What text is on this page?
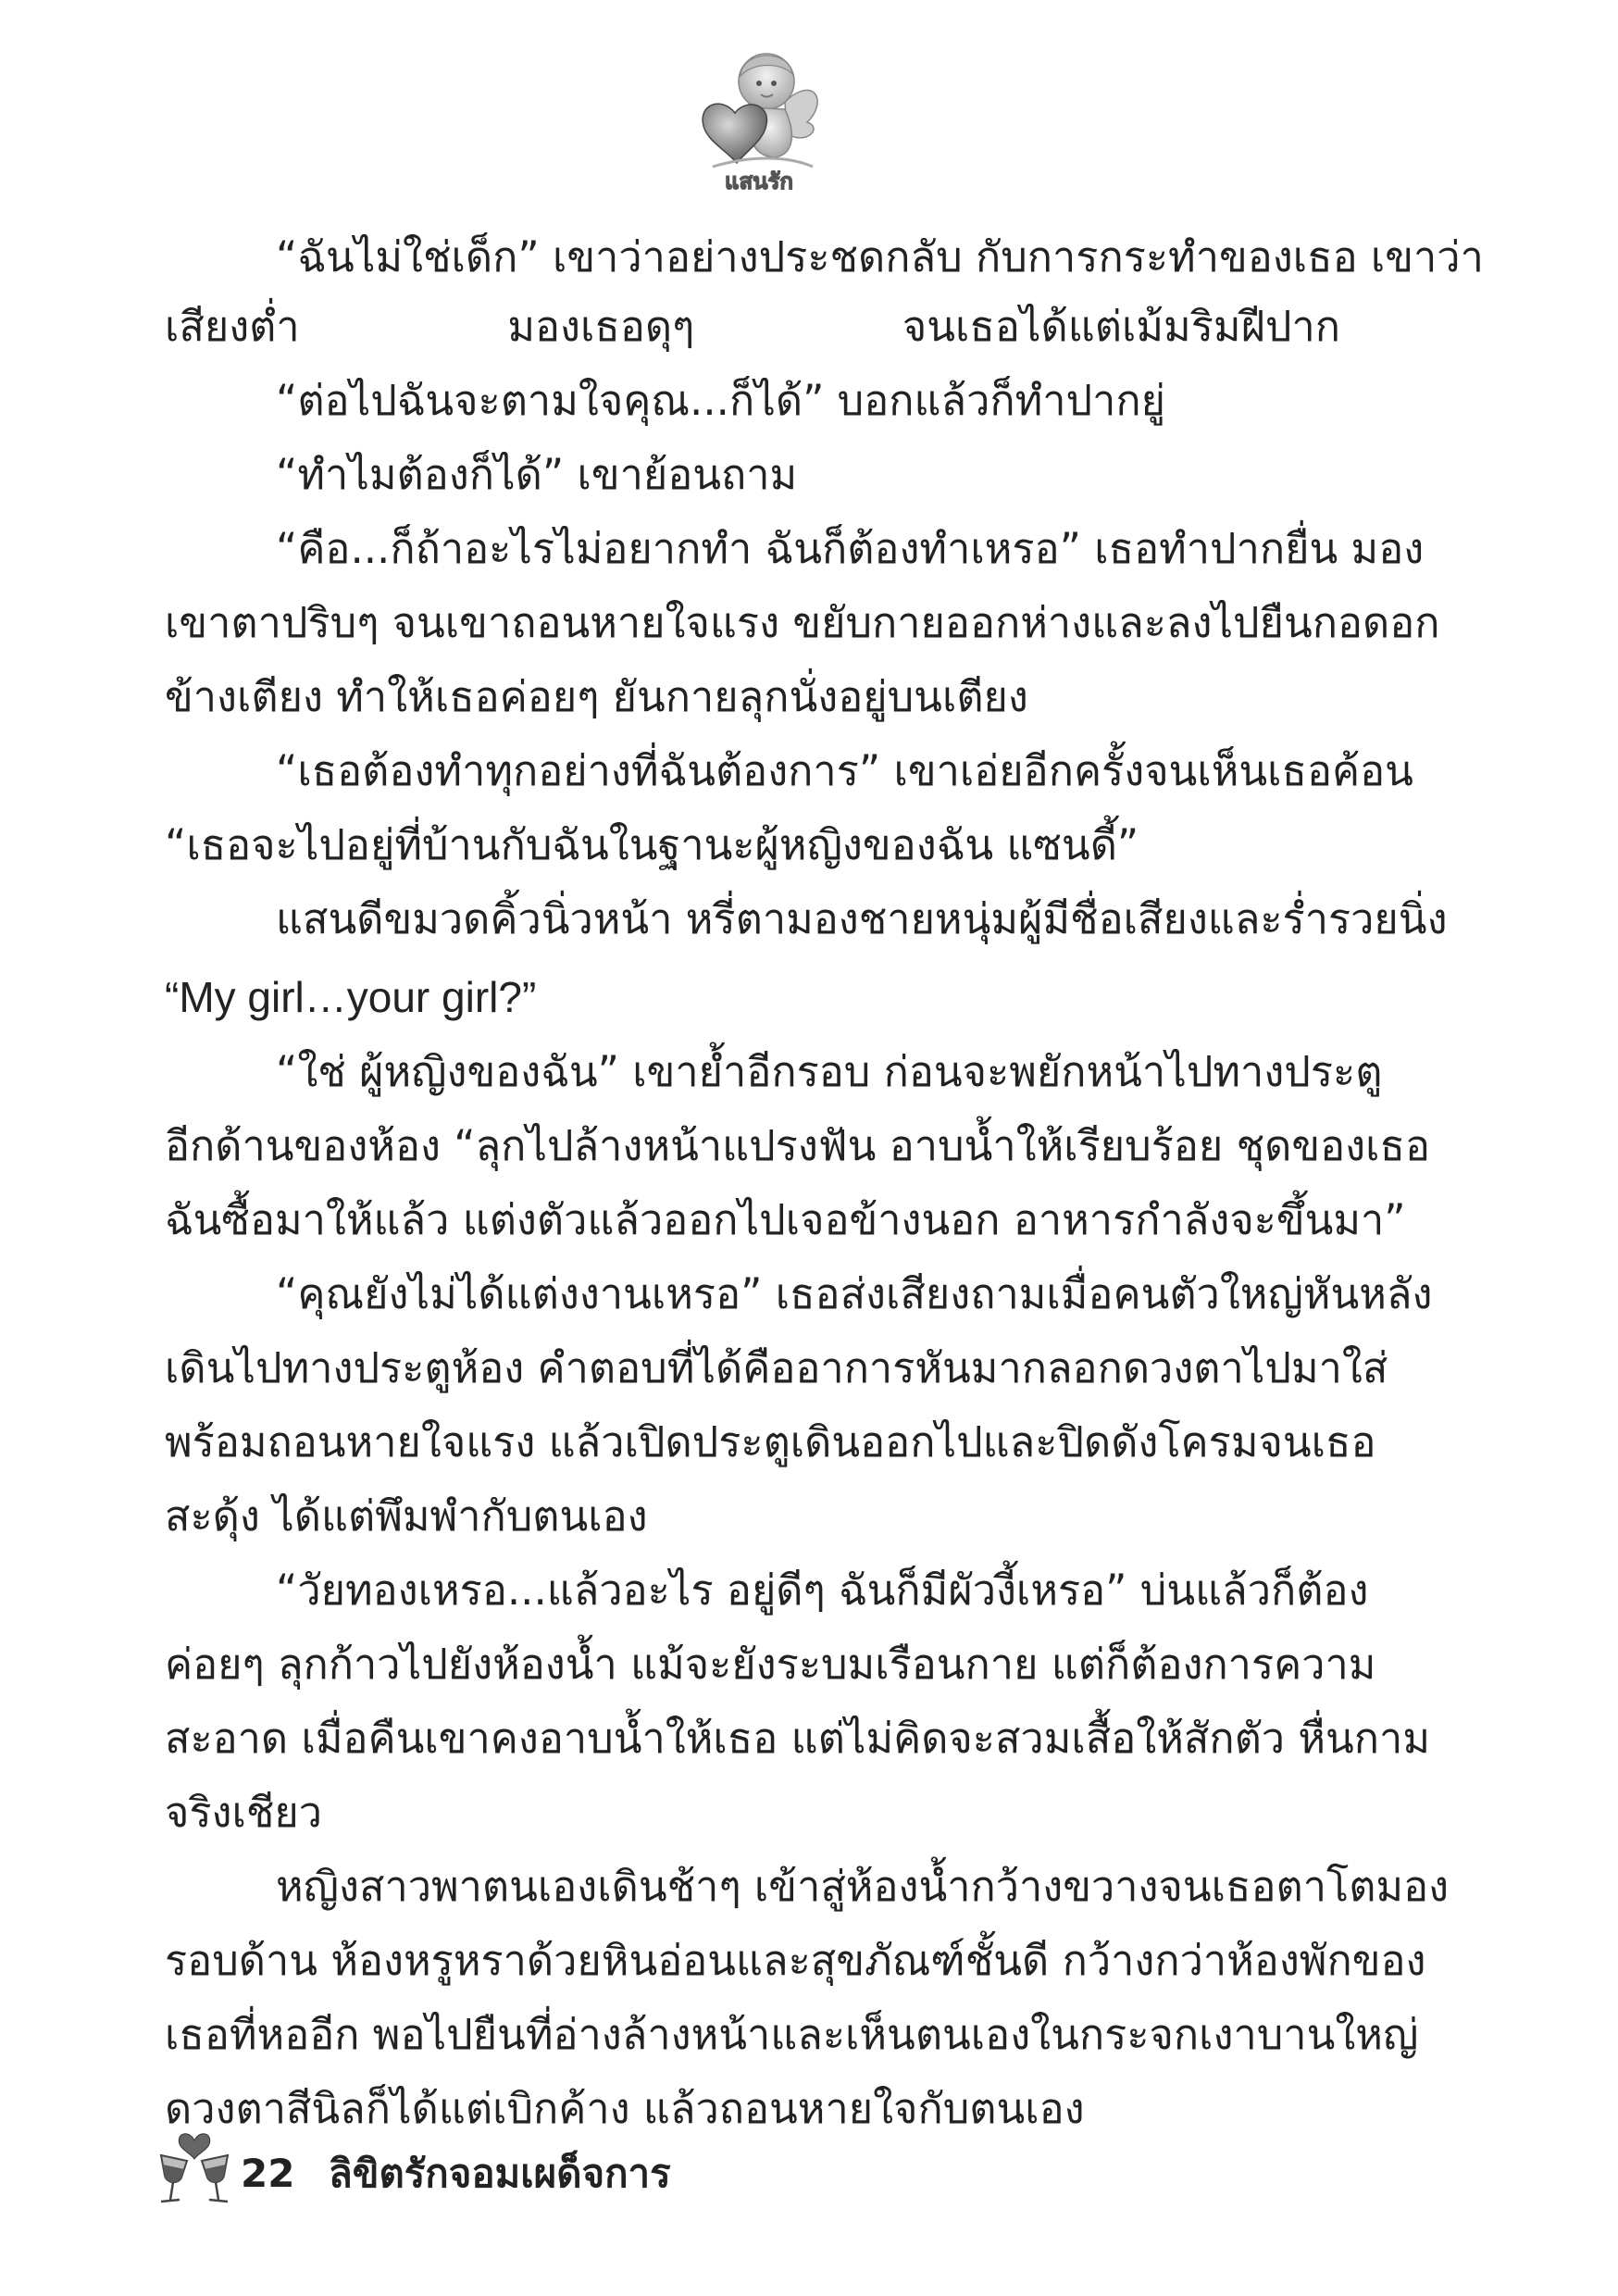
แสนรัก
“ฉันไม่ใช่เด็ก” เขาว่าอย่างประชดกลับ กับการกระทำของเธอ เขาว่า
เสียงต่ำ มองเธอดุๆ จนเธอได้แต่เม้มริมฝีปาก
“ต่อไปฉันจะตามใจคุณ...ก็ได้” บอกแล้วก็ทำปากยู่
“ทำไมต้องก็ได้” เขาย้อนถาม
“คือ...ก็ถ้าอะไรไม่อยากทำ ฉันก็ต้องทำเหรอ” เธอทำปากยื่น มอง
เขาตาปริบๆ จนเขาถอนหายใจแรง ขยับกายออกห่างและลงไปยืนกอดอก
ข้างเตียง ทำให้เธอค่อยๆ ยันกายลุกนั่งอยู่บนเตียง
“เธอต้องทำทุกอย่างที่ฉันต้องการ” เขาเอ่ยอีกครั้งจนเห็นเธอค้อน
“เธอจะไปอยู่ที่บ้านกับฉันในฐานะผู้หญิงของฉัน แซนดี้”
แสนดีขมวดคิ้วนิ่วหน้า หรี่ตามองชายหนุ่มผู้มีชื่อเสียงและร่ำรวยนิ่ง
“My girl…your girl?”
“ใช่ ผู้หญิงของฉัน” เขาย้ำอีกรอบ ก่อนจะพยักหน้าไปทางประตู
อีกด้านของห้อง “ลุกไปล้างหน้าแปรงฟัน อาบน้ำให้เรียบร้อย ชุดของเธอ
ฉันซื้อมาให้แล้ว แต่งตัวแล้วออกไปเจอข้างนอก อาหารกำลังจะขึ้นมา”
“คุณยังไม่ได้แต่งงานเหรอ” เธอส่งเสียงถามเมื่อคนตัวใหญ่หันหลัง
เดินไปทางประตูห้อง คำตอบที่ได้คืออาการหันมากลอกดวงตาไปมาใส่
พร้อมถอนหายใจแรง แล้วเปิดประตูเดินออกไปและปิดดังโครมจนเธอ
สะดุ้ง ได้แต่พึมพำกับตนเอง
“วัยทองเหรอ...แล้วอะไร อยู่ดีๆ ฉันก็มีผัวงี้เหรอ” บ่นแล้วก็ต้อง
ค่อยๆ ลุกก้าวไปยังห้องน้ำ แม้จะยังระบมเรือนกาย แต่ก็ต้องการความ
สะอาด เมื่อคืนเขาคงอาบน้ำให้เธอ แต่ไม่คิดจะสวมเสื้อให้สักตัว หื่นกาม
จริงเชียว
หญิงสาวพาตนเองเดินช้าๆ เข้าสู่ห้องน้ำกว้างขวางจนเธอตาโตมอง
รอบด้าน ห้องหรูหราด้วยหินอ่อนและสุขภัณฑ์ชั้นดี กว้างกว่าห้องพักของ
เธอที่หออีก พอไปยืนที่อ่างล้างหน้าและเห็นตนเองในกระจกเงาบานใหญ่
ดวงตาสีนิลก็ได้แต่เบิกค้าง แล้วถอนหายใจกับตนเอง
22 ลิขิตรักจอมเผด็จการ
